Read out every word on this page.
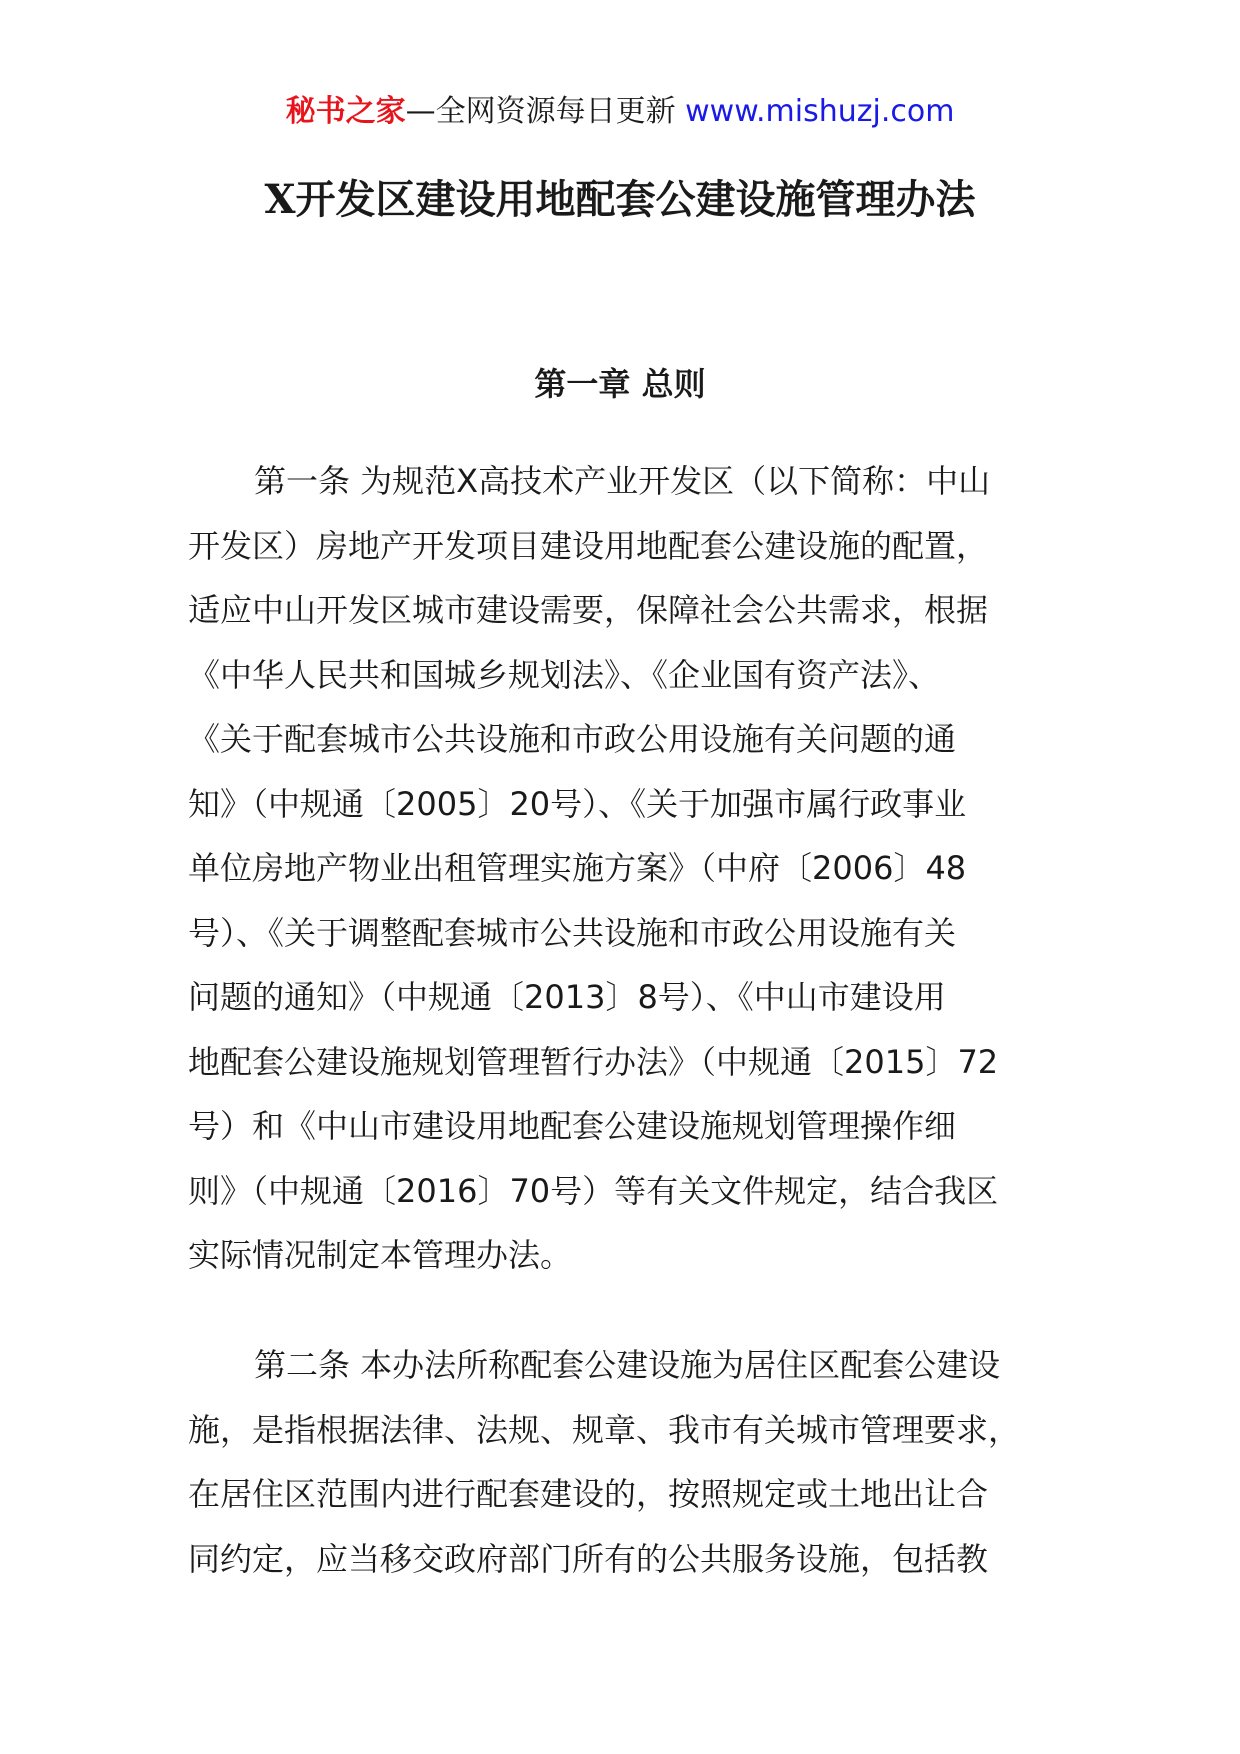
秘书之家—全网资源每日更新 www.mishuzj.com
X开发区建设用地配套公建设施管理办法
第一章 总则
第一条 为规范X高技术产业开发区（以下简称：中山
开发区）房地产开发项目建设用地配套公建设施的配置，
适应中山开发区城市建设需要，保障社会公共需求，根据
《中华人民共和国城乡规划法》、《企业国有资产法》、
《关于配套城市公共设施和市政公用设施有关问题的通
知》（中规通〔2005〕20号）、《关于加强市属行政事业
单位房地产物业出租管理实施方案》（中府〔2006〕48
号）、《关于调整配套城市公共设施和市政公用设施有关
问题的通知》（中规通〔2013〕8号）、《中山市建设用
地配套公建设施规划管理暂行办法》（中规通〔2015〕72
号）和《中山市建设用地配套公建设施规划管理操作细
则》（中规通〔2016〕70号）等有关文件规定，结合我区
实际情况制定本管理办法。
第二条 本办法所称配套公建设施为居住区配套公建设
施，是指根据法律、法规、规章、我市有关城市管理要求，
在居住区范围内进行配套建设的，按照规定或土地出让合
同约定，应当移交政府部门所有的公共服务设施，包括教
